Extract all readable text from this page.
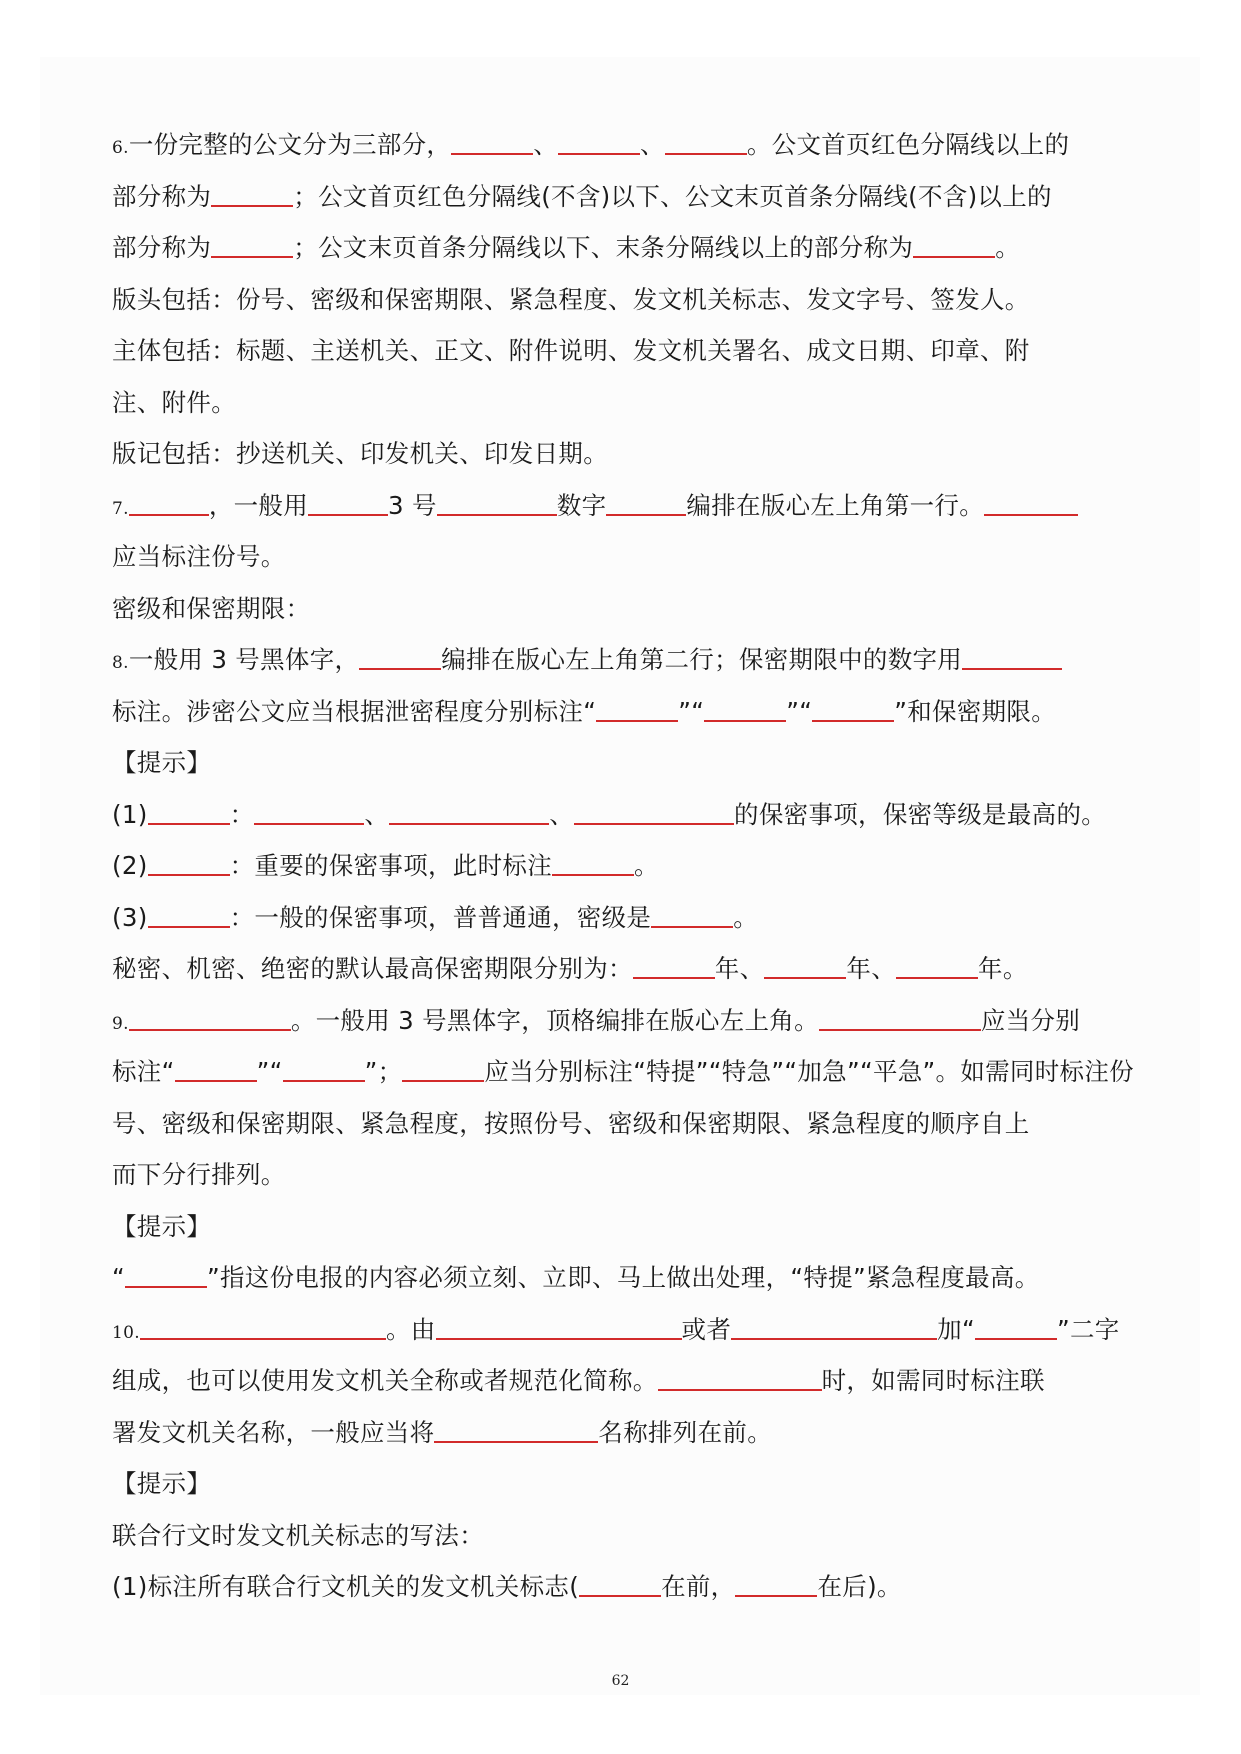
6.一份完整的公文分为三部分，	、	、	。公文首页红色分隔线以上的
部分称为	；公文首页红色分隔线(不含)以下、公文末页首条分隔线(不含)以上的
部分称为	；公文末页首条分隔线以下、末条分隔线以上的部分称为	。
版头包括：份号、密级和保密期限、紧急程度、发文机关标志、发文字号、签发人。
主体包括：标题、主送机关、正文、附件说明、发文机关署名、成文日期、印章、附
注、附件。
版记包括：抄送机关、印发机关、印发日期。
7.	，一般用	3 号	数字	编排在版心左上角第一行。
应当标注份号。
密级和保密期限：
8.一般用 3 号黑体字，	编排在版心左上角第二行；保密期限中的数字用
标注。涉密公文应当根据泄密程度分别标注“	”“	”“	”和保密期限。
【提示】
(1)	：	、	、	的保密事项，保密等级是最高的。
(2)	：重要的保密事项，此时标注	。
(3)	：一般的保密事项，普普通通，密级是	。
秘密、机密、绝密的默认最高保密期限分别为：	年、	年、	年。
9.	。一般用 3 号黑体字，顶格编排在版心左上角。	应当分别
标注“	”“	”；	应当分别标注“特提”“特急”“加急”“平急”。如需同时标注份
号、密级和保密期限、紧急程度，按照份号、密级和保密期限、紧急程度的顺序自上
而下分行排列。
【提示】
“	”指这份电报的内容必须立刻、立即、马上做出处理，“特提”紧急程度最高。
10.	。由	或者	加“	”二字
组成，也可以使用发文机关全称或者规范化简称。	时，如需同时标注联
署发文机关名称，一般应当将	名称排列在前。
【提示】
联合行文时发文机关标志的写法：
(1)标注所有联合行文机关的发文机关标志(	在前，	在后)。
62
